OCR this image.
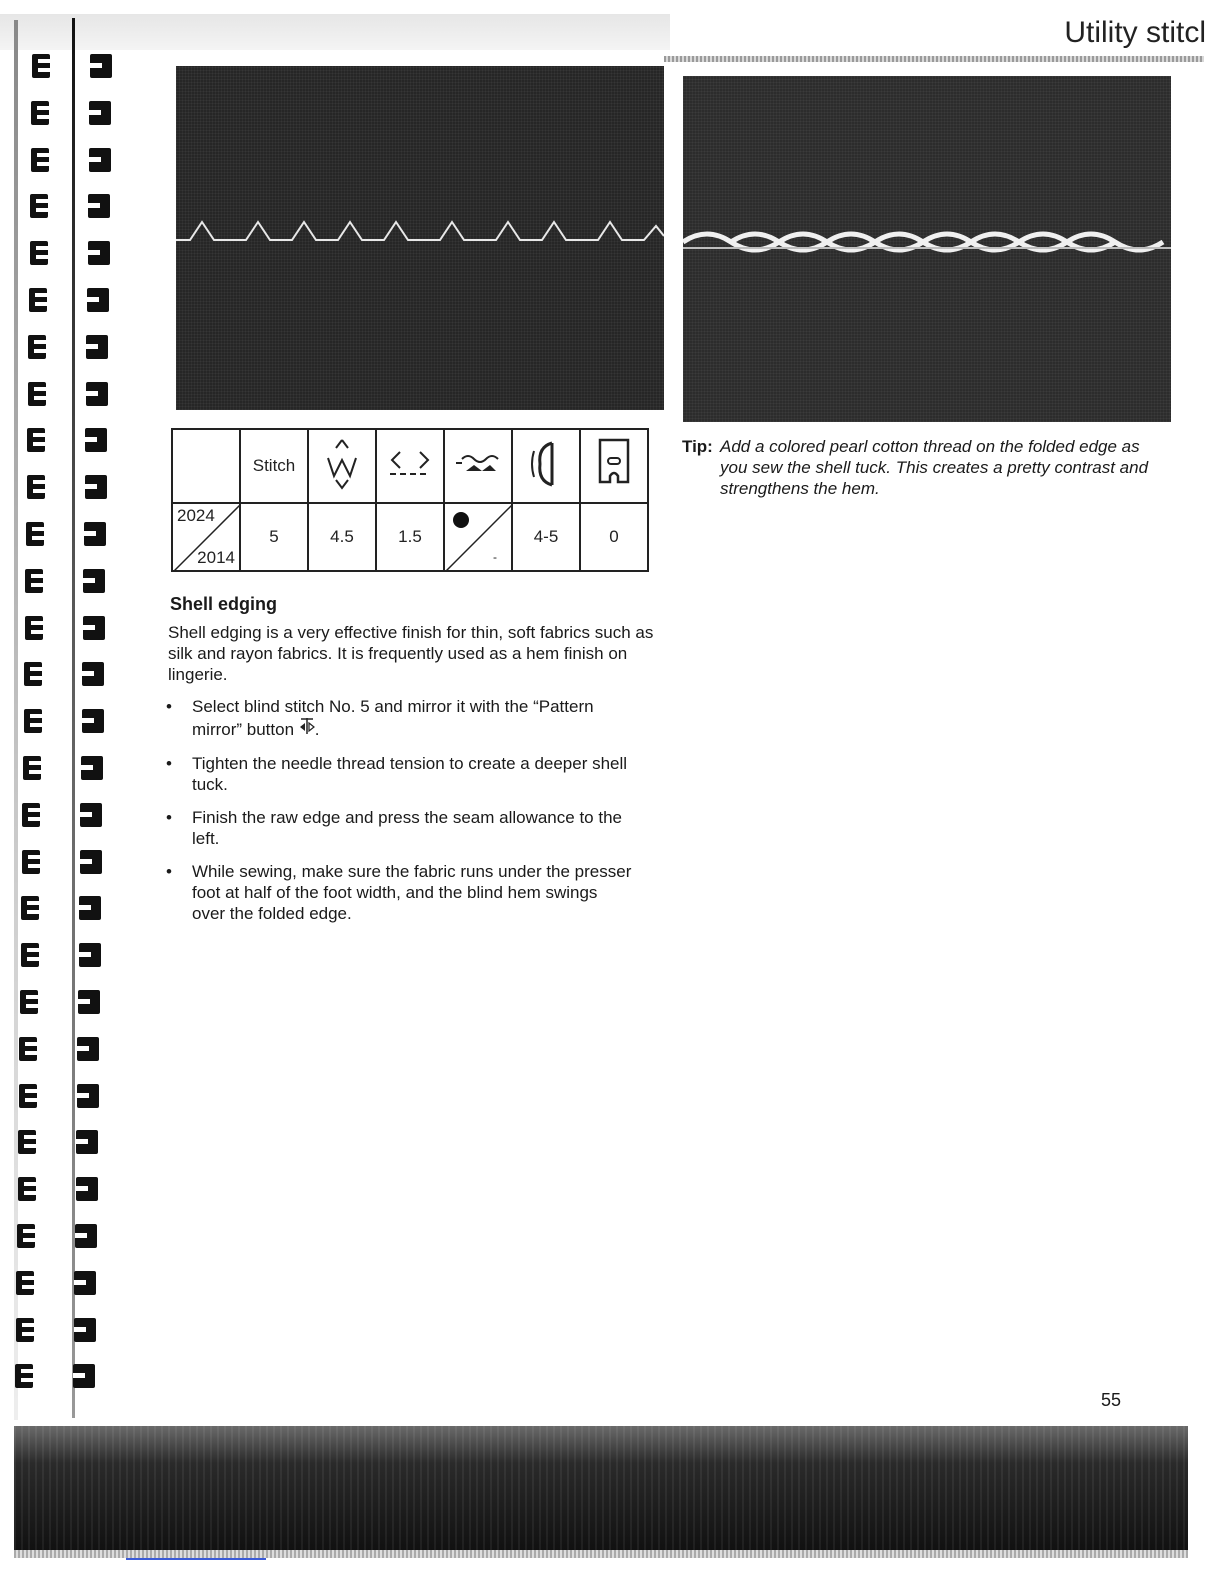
Utility stitcl
	Stitch					

2024
2014	5	4.5	1.5	-	4-5	0
Shell edging
Shell edging is a very effective finish for thin, soft fabrics such as silk and rayon fabrics. It is frequently used as a hem finish on lingerie.
• Select blind stitch No. 5 and mirror it with the “Pattern mirror” button .
• Tighten the needle thread tension to create a deeper shell tuck.
• Finish the raw edge and press the seam allowance to the left.
• While sewing, make sure the fabric runs under the presser foot at half of the foot width, and the blind hem swings over the folded edge.
Tip: Add a colored pearl cotton thread on the folded edge as you sew the shell tuck. This creates a pretty contrast and strengthens the hem.
55
